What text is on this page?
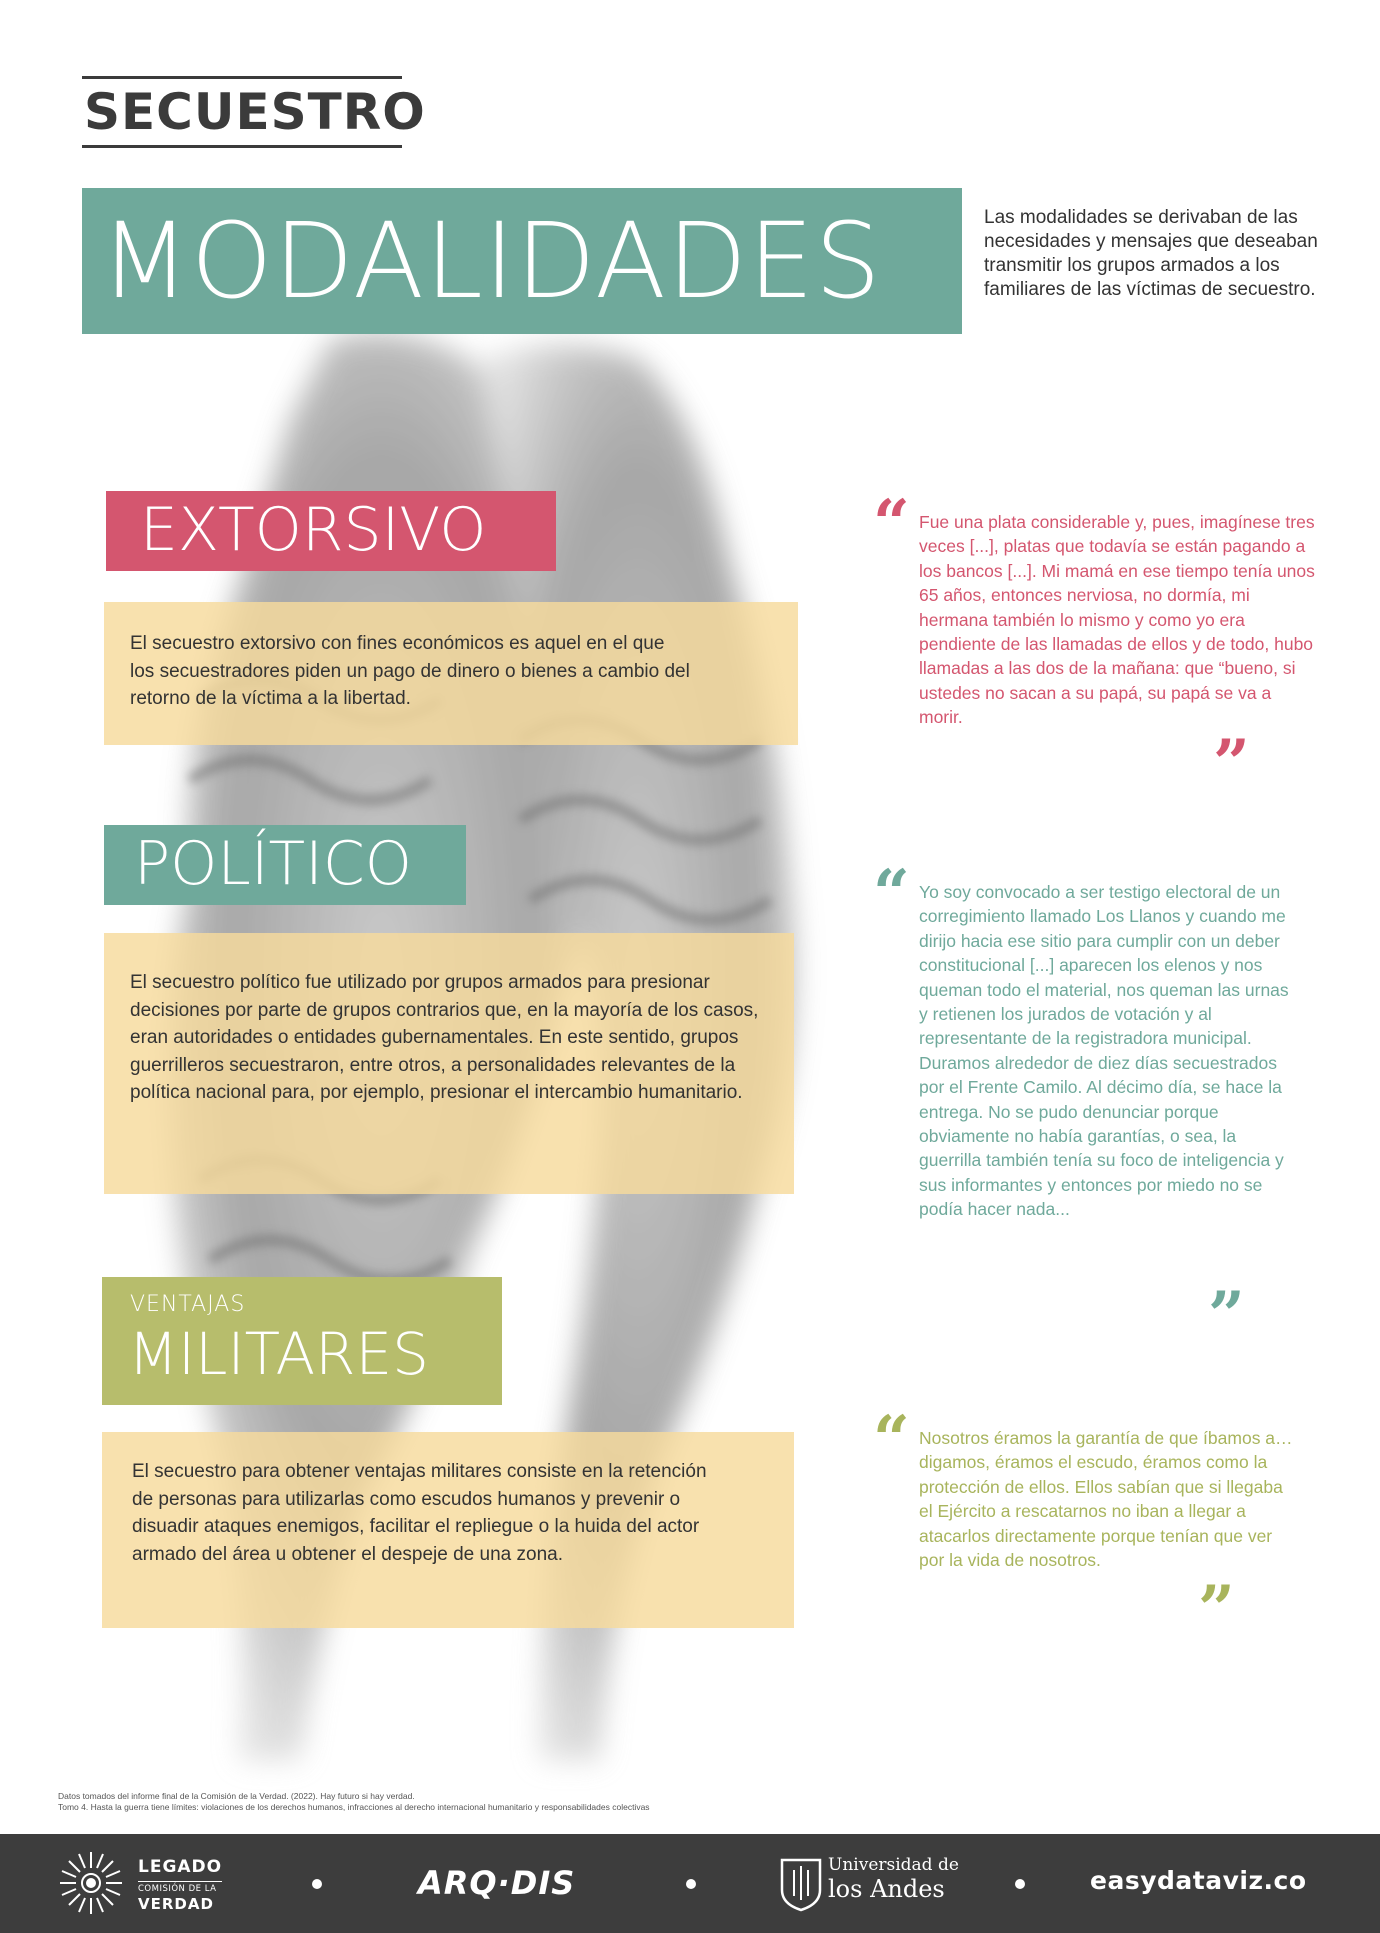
SECUESTRO
MODALIDADES	Las modalidades se derivaban de las necesidades y mensajes que deseaban transmitir los grupos armados a los familiares de las víctimas de secuestro.
EXTORSIVO

El secuestro extorsivo con fines económicos es aquel en el que los secuestradores piden un pago de dinero o bienes a cambio del retorno de la víctima a la libertad.

POLÍTICO

El secuestro político fue utilizado por grupos armados para presionar decisiones por parte de grupos contrarios que, en la mayoría de los casos, eran autoridades o entidades gubernamentales. En este sentido, grupos guerrilleros secuestraron, entre otros, a personalidades relevantes de la política nacional para, por ejemplo, presionar el intercambio humanitario.

VENTAJAS
MILITARES

El secuestro para obtener ventajas militares consiste en la retención de personas para utilizarlas como escudos humanos y prevenir o disuadir ataques enemigos, facilitar el repliegue o la huida del actor armado del área u obtener el despeje de una zona.

“ Fue una plata considerable y, pues, imagínese tres veces [...], platas que todavía se están pagando a los bancos [...]. Mi mamá en ese tiempo tenía unos 65 años, entonces nerviosa, no dormía, mi hermana también lo mismo y como yo era pendiente de las llamadas de ellos y de todo, hubo llamadas a las dos de la mañana: que “bueno, si ustedes no sacan a su papá, su papá se va a morir.

”
“ Yo soy convocado a ser testigo electoral de un corregimiento llamado Los Llanos y cuando me dirijo hacia ese sitio para cumplir con un deber constitucional [...] aparecen los elenos y nos queman todo el material, nos queman las urnas y retienen los jurados de votación y al representante de la registradora municipal. Duramos alrededor de diez días secuestrados por el Frente Camilo. Al décimo día, se hace la entrega. No se pudo denunciar porque obviamente no había garantías, o sea, la guerrilla también tenía su foco de inteligencia y sus informantes y entonces por miedo no se podía hacer nada...

”
“ Nosotros éramos la garantía de que íbamos a… digamos, éramos el escudo, éramos como la protección de ellos. Ellos sabían que si llegaba el Ejército a rescatarnos no iban a llegar a atacarlos directamente porque tenían que ver por la vida de nosotros.

”
Datos tomados del informe final de la Comisión de la Verdad. (2022). Hay futuro si hay verdad.
Tomo 4. Hasta la guerra tiene límites: violaciones de los derechos humanos, infracciones al derecho internacional humanitario y responsabilidades colectivas
LEGADO
COMISIÓN DE LA
VERDAD
ARQ·DIS	Universidad de
los Andes	easydataviz.co
